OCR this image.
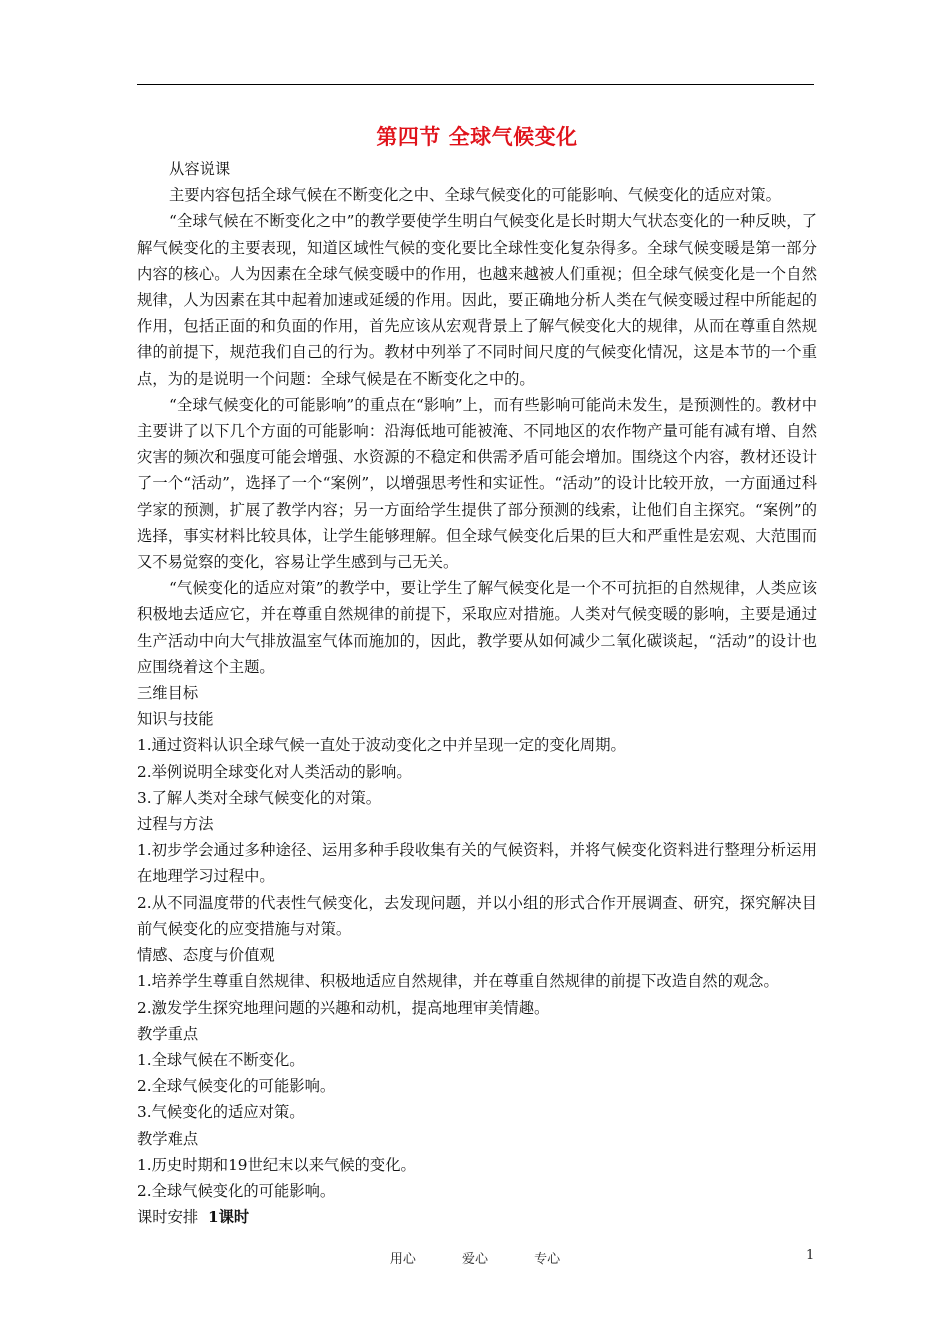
第四节 全球气候变化

从容说课

主要内容包括全球气候在不断变化之中、全球气候变化的可能影响、气候变化的适应对策。

“全球气候在不断变化之中”的教学要使学生明白气候变化是长时期大气状态变化的一种反映，了解气候变化的主要表现，知道区域性气候的变化要比全球性变化复杂得多。全球气候变暖是第一部分内容的核心。人为因素在全球气候变暖中的作用，也越来越被人们重视；但全球气候变化是一个自然规律，人为因素在其中起着加速或延缓的作用。因此，要正确地分析人类在气候变暖过程中所能起的作用，包括正面的和负面的作用，首先应该从宏观背景上了解气候变化大的规律，从而在尊重自然规律的前提下，规范我们自己的行为。教材中列举了不同时间尺度的气候变化情况，这是本节的一个重点，为的是说明一个问题：全球气候是在不断变化之中的。

“全球气候变化的可能影响”的重点在“影响”上，而有些影响可能尚未发生，是预测性的。教材中主要讲了以下几个方面的可能影响：沿海低地可能被淹、不同地区的农作物产量可能有减有增、自然灾害的频次和强度可能会增强、水资源的不稳定和供需矛盾可能会增加。围绕这个内容，教材还设计了一个“活动”，选择了一个“案例”，以增强思考性和实证性。“活动”的设计比较开放，一方面通过科学家的预测，扩展了教学内容；另一方面给学生提供了部分预测的线索，让他们自主探究。“案例”的选择，事实材料比较具体，让学生能够理解。但全球气候变化后果的巨大和严重性是宏观、大范围而又不易觉察的变化，容易让学生感到与己无关。

“气候变化的适应对策”的教学中，要让学生了解气候变化是一个不可抗拒的自然规律，人类应该积极地去适应它，并在尊重自然规律的前提下，采取应对措施。人类对气候变暖的影响，主要是通过生产活动中向大气排放温室气体而施加的，因此，教学要从如何减少二氧化碳谈起，“活动”的设计也应围绕着这个主题。

三维目标

知识与技能

1.通过资料认识全球气候一直处于波动变化之中并呈现一定的变化周期。

2.举例说明全球变化对人类活动的影响。

3.了解人类对全球气候变化的对策。

过程与方法

1.初步学会通过多种途径、运用多种手段收集有关的气候资料，并将气候变化资料进行整理分析运用在地理学习过程中。

2.从不同温度带的代表性气候变化，去发现问题，并以小组的形式合作开展调查、研究，探究解决目前气候变化的应变措施与对策。

情感、态度与价值观

1.培养学生尊重自然规律、积极地适应自然规律，并在尊重自然规律的前提下改造自然的观念。

2.激发学生探究地理问题的兴趣和动机，提高地理审美情趣。

教学重点

1.全球气候在不断变化。

2.全球气候变化的可能影响。

3.气候变化的适应对策。

教学难点

1.历史时期和19世纪末以来气候的变化。

2.全球气候变化的可能影响。

课时安排 1课时

用心	爱心	专心	1
